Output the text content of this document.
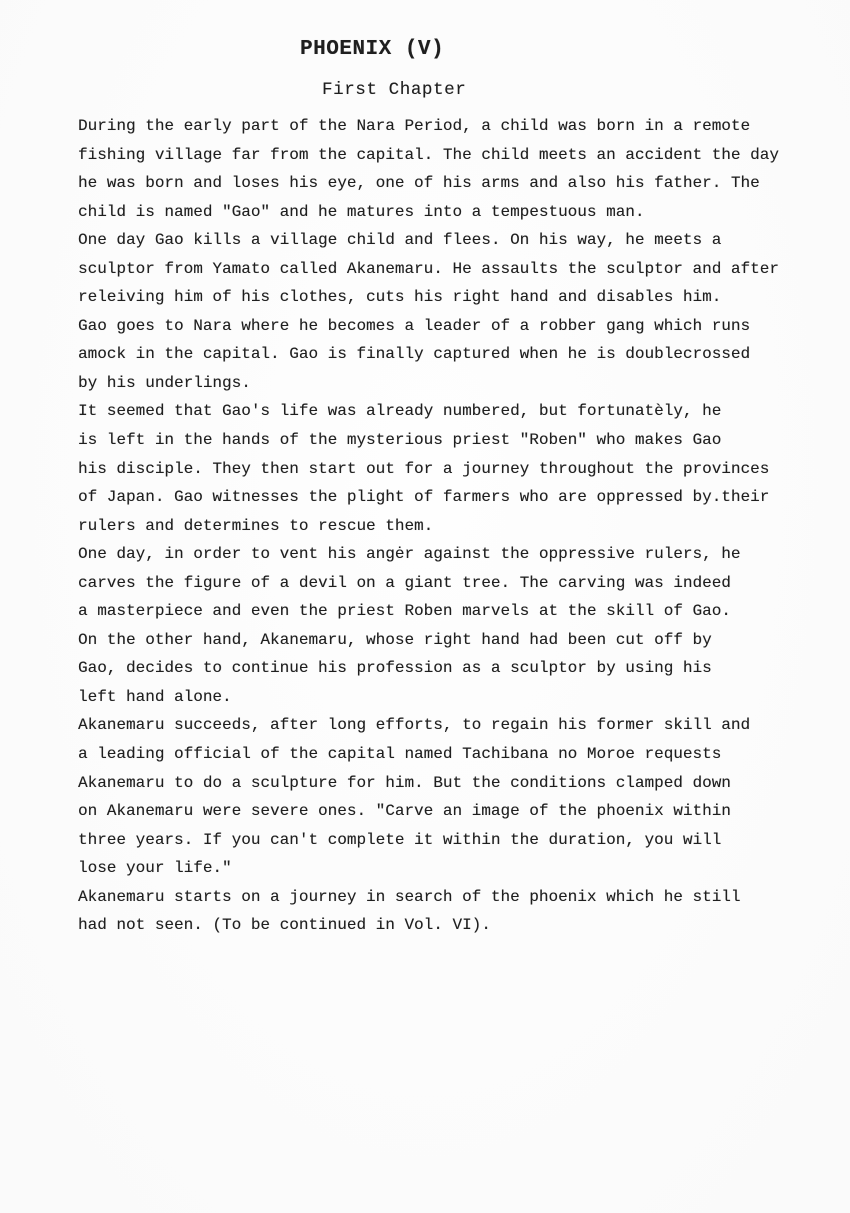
PHOENIX (V)
First Chapter
During the early part of the Nara Period, a child was born in a remote
fishing village far from the capital. The child meets an accident the day
he was born and loses his eye, one of his arms and also his father. The
child is named "Gao" and he matures into a tempestuous man.
One day Gao kills a village child and flees. On his way, he meets a
sculptor from Yamato called Akanemaru. He assaults the sculptor and after
releiving him of his clothes, cuts his right hand and disables him.
Gao goes to Nara where he becomes a leader of a robber gang which runs
amock in the capital. Gao is finally captured when he is doublecrossed
by his underlings.
It seemed that Gao's life was already numbered, but fortunatèly, he
is left in the hands of the mysterious priest "Roben" who makes Gao
his disciple. They then start out for a journey throughout the provinces
of Japan. Gao witnesses the plight of farmers who are oppressed by.their
rulers and determines to rescue them.
One day, in order to vent his angėr against the oppressive rulers, he
carves the figure of a devil on a giant tree. The carving was indeed
a masterpiece and even the priest Roben marvels at the skill of Gao.
On the other hand, Akanemaru, whose right hand had been cut off by
Gao, decides to continue his profession as a sculptor by using his
left hand alone.
Akanemaru succeeds, after long efforts, to regain his former skill and
a leading official of the capital named Tachibana no Moroe requests
Akanemaru to do a sculpture for him. But the conditions clamped down
on Akanemaru were severe ones. "Carve an image of the phoenix within
three years. If you can't complete it within the duration, you will
lose your life."
Akanemaru starts on a journey in search of the phoenix which he still
had not seen. (To be continued in Vol. VI).
